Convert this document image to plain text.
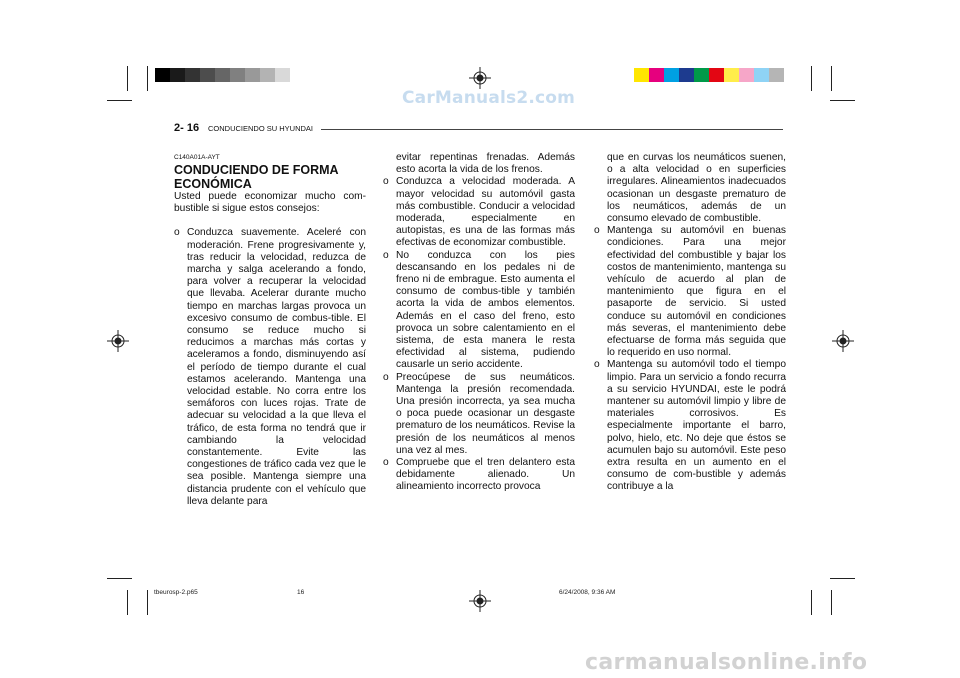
CarManuals2.com
carmanualsonline.info
2- 16 CONDUCIENDO SU HYUNDAI
C140A01A-AYT
CONDUCIENDO DE FORMA
ECONÓMICA

Usted puede economizar mucho com-bustible si sigue estos consejos:

o Conduzca suavemente. Aceleré con moderación. Frene progresivamente y, tras reducir la velocidad, reduzca de marcha y salga acelerando a fondo, para volver a recuperar la velocidad que llevaba. Acelerar durante mucho tiempo en marchas largas provoca un excesivo consumo de combus-tible. El consumo se reduce mucho si reducimos a marchas más cortas y aceleramos a fondo, disminuyendo así el período de tiempo durante el cual estamos acelerando. Mantenga una velocidad estable. No corra entre los semáforos con luces rojas. Trate de adecuar su velocidad a la que lleva el tráfico, de esta forma no tendrá que ir cambiando la velocidad constantemente. Evite las congestiones de tráfico cada vez que le sea posible. Mantenga siempre una distancia prudente con el vehículo que lleva delante para
evitar repentinas frenadas. Además esto acorta la vida de los frenos.
o Conduzca a velocidad moderada. A mayor velocidad su automóvil gasta más combustible. Conducir a velocidad moderada, especialmente en autopistas, es una de las formas más efectivas de economizar combustible.
o No conduzca con los pies descansando en los pedales ni de freno ni de embrague. Esto aumenta el consumo de combus-tible y también acorta la vida de ambos elementos. Además en el caso del freno, esto provoca un sobre calentamiento en el sistema, de esta manera le resta efectividad al sistema, pudiendo causarle un serio accidente.
o Preocúpese de sus neumáticos. Mantenga la presión recomendada. Una presión incorrecta, ya sea mucha o poca puede ocasionar un desgaste prematuro de los neumáticos. Revise la presión de los neumáticos al menos una vez al mes.
o Compruebe que el tren delantero esta debidamente alienado. Un alineamiento incorrecto provoca
que en curvas los neumáticos suenen, o a alta velocidad o en superficies irregulares. Alineamientos inadecuados ocasionan un desgaste prematuro de los neumáticos, además de un consumo elevado de combustible.
o Mantenga su automóvil en buenas condiciones. Para una mejor efectividad del combustible y bajar los costos de mantenimiento, mantenga su vehículo de acuerdo al plan de mantenimiento que figura en el pasaporte de servicio. Si usted conduce su automóvil en condiciones más severas, el mantenimiento debe efectuarse de forma más seguida que lo requerido en uso normal.
o Mantenga su automóvil todo el tiempo limpio. Para un servicio a fondo recurra a su servicio HYUNDAI, este le podrá mantener su automóvil limpio y libre de materiales corrosivos. Es especialmente importante el barro, polvo, hielo, etc. No deje que éstos se acumulen bajo su automóvil. Este peso extra resulta en un aumento en el consumo de com-bustible y además contribuye a la
tbeurosp-2.p65	16	6/24/2008, 9:36 AM
